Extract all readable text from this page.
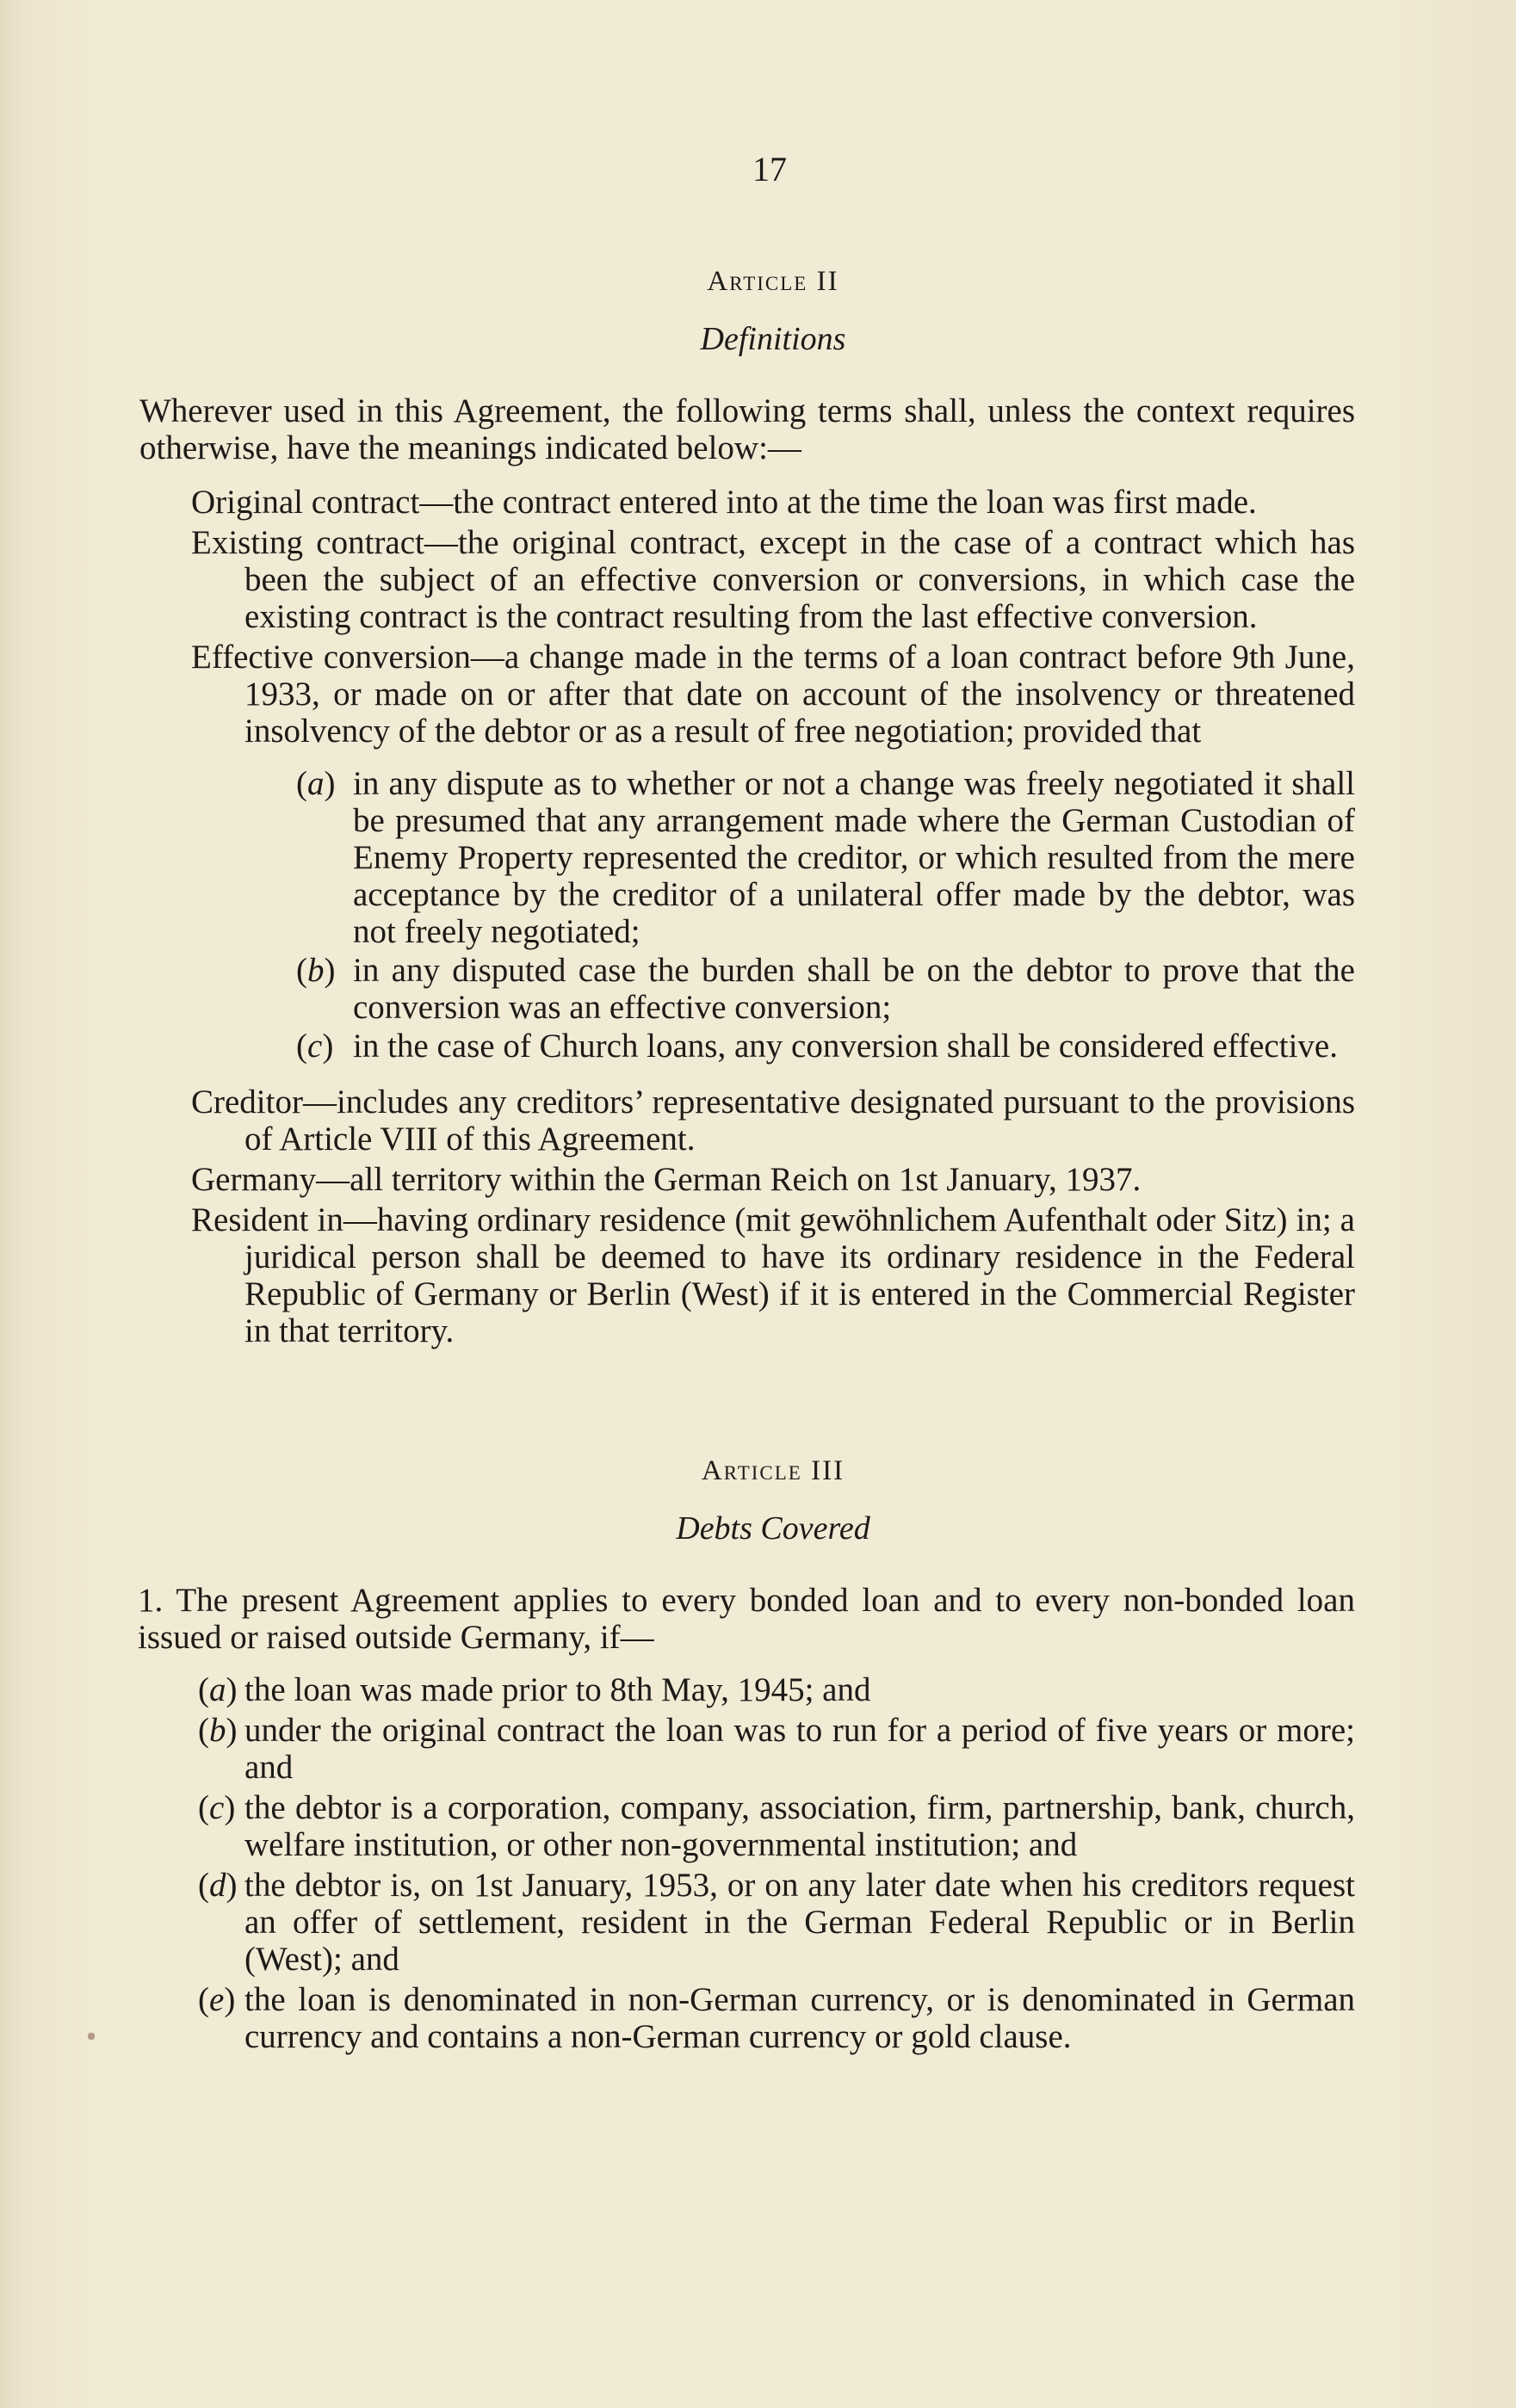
17
Article II
Definitions

Wherever used in this Agreement, the following terms shall, unless the context requires otherwise, have the meanings indicated below:—

Original contract—the contract entered into at the time the loan was first made.

Existing contract—the original contract, except in the case of a contract which has been the subject of an effective conversion or conversions, in which case the existing contract is the contract resulting from the last effective conversion.

Effective conversion—a change made in the terms of a loan contract before 9th June, 1933, or made on or after that date on account of the insolvency or threatened insolvency of the debtor or as a result of free negotiation; provided that

(a) in any dispute as to whether or not a change was freely negotiated it shall be presumed that any arrangement made where the German Custodian of Enemy Property represented the creditor, or which resulted from the mere acceptance by the creditor of a unilateral offer made by the debtor, was not freely negotiated;
(b) in any disputed case the burden shall be on the debtor to prove that the conversion was an effective conversion;
(c) in the case of Church loans, any conversion shall be considered effective.

Creditor—includes any creditors’ representative designated pursuant to the provisions of Article VIII of this Agreement.

Germany—all territory within the German Reich on 1st January, 1937.

Resident in—having ordinary residence (mit gewöhnlichem Aufenthalt oder Sitz) in; a juridical person shall be deemed to have its ordinary residence in the Federal Republic of Germany or Berlin (West) if it is entered in the Commercial Register in that territory.

Article III
Debts Covered

1. The present Agreement applies to every bonded loan and to every non-bonded loan issued or raised outside Germany, if—

(a) the loan was made prior to 8th May, 1945; and
(b) under the original contract the loan was to run for a period of five years or more; and
(c) the debtor is a corporation, company, association, firm, partnership, bank, church, welfare institution, or other non-governmental institution; and
(d) the debtor is, on 1st January, 1953, or on any later date when his creditors request an offer of settlement, resident in the German Federal Republic or in Berlin (West); and
(e) the loan is denominated in non-German currency, or is denominated in German currency and contains a non-German currency or gold clause.
